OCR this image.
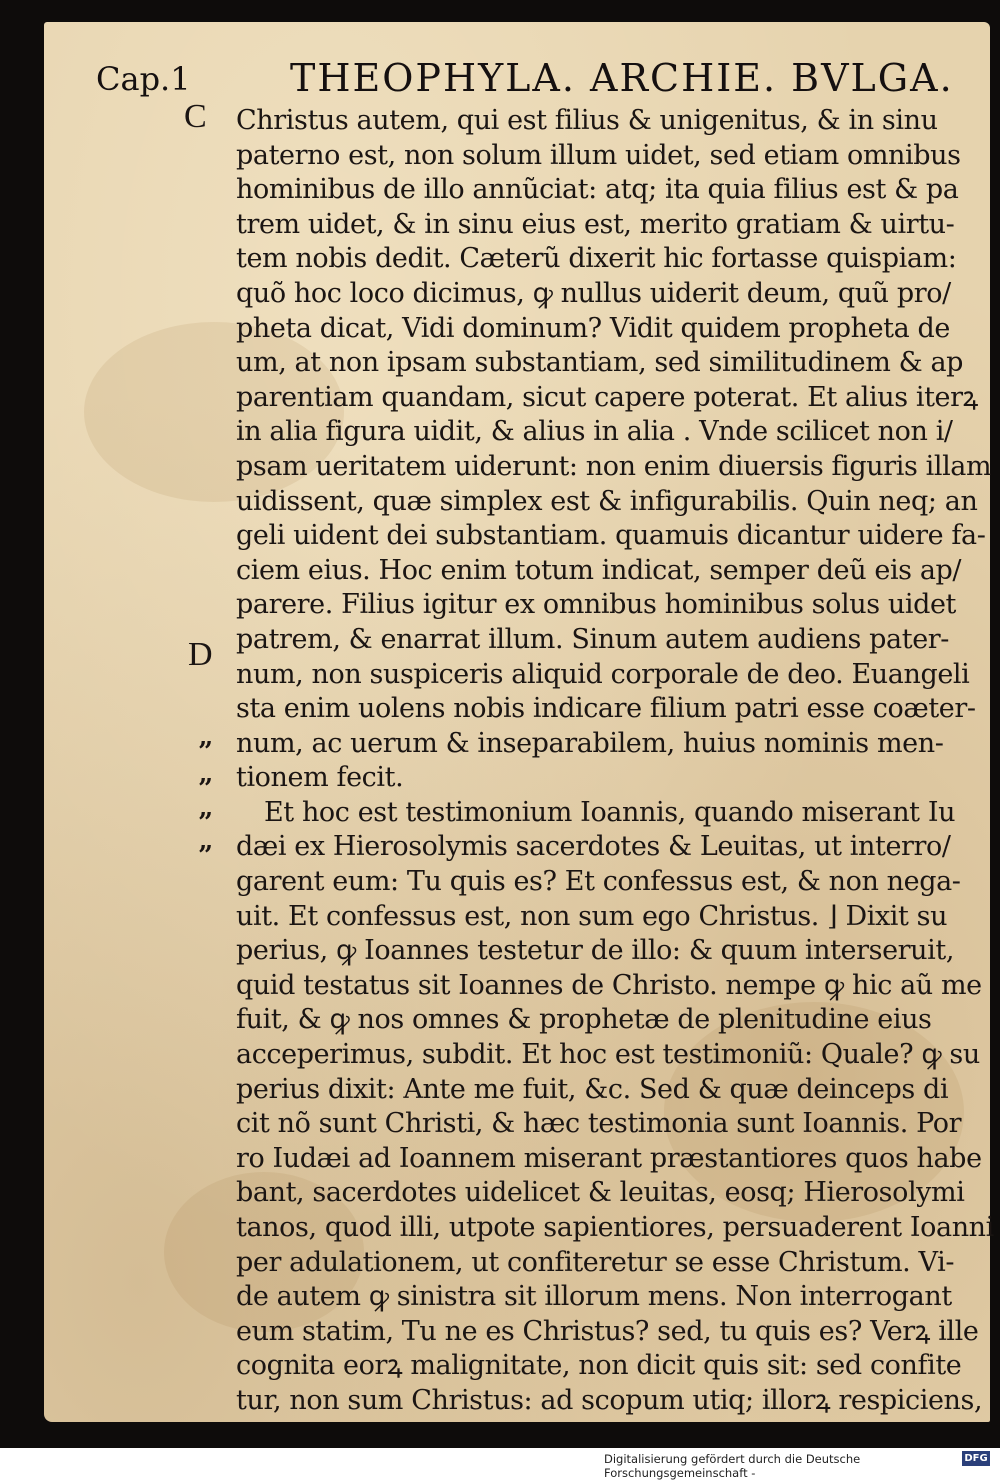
Cap.1	THEOPHYLA. ARCHIE. BVLGA.
C
D
”
”
”
”
Christus autem, qui est filius & unigenitus, & in sinu
paterno est, non solum illum uidet, sed etiam omnibus
hominibus de illo annũciat: atq; ita quia filius est & pa
trem uidet, & in sinu eius est, merito gratiam & uirtu-
tem nobis dedit. Cæterũ dixerit hic fortasse quispiam:
quõ hoc loco dicimus, ꝙ nullus uiderit deum, quũ pro/
pheta dicat, Vidi dominum? Vidit quidem propheta de
um, at non ipsam substantiam, sed similitudinem & ap
parentiam quandam, sicut capere poterat. Et alius iterꝝ
in alia figura uidit, & alius in alia . Vnde scilicet non i/
psam ueritatem uiderunt: non enim diuersis figuris illam
uidissent, quæ simplex est & infigurabilis. Quin neq; an
geli uident dei substantiam. quamuis dicantur uidere fa-
ciem eius. Hoc enim totum indicat, semper deũ eis ap/
parere. Filius igitur ex omnibus hominibus solus uidet
patrem, & enarrat illum. Sinum autem audiens pater-
num, non suspiceris aliquid corporale de deo. Euangeli
sta enim uolens nobis indicare filium patri esse coæter-
num, ac uerum & inseparabilem, huius nominis men-
tionem fecit.
Et hoc est testimonium Ioannis, quando miserant Iu
dæi ex Hierosolymis sacerdotes & Leuitas, ut interro/
garent eum: Tu quis es? Et confessus est, & non nega-
uit. Et confessus est, non sum ego Christus. ⌋ Dixit su
perius, ꝙ Ioannes testetur de illo: & quum interseruit,
quid testatus sit Ioannes de Christo. nempe ꝙ hic aũ me
fuit, & ꝙ nos omnes & prophetæ de plenitudine eius
acceperimus, subdit. Et hoc est testimoniũ: Quale? ꝙ su
perius dixit: Ante me fuit, &c. Sed & quæ deinceps di
cit nõ sunt Christi, & hæc testimonia sunt Ioannis. Por
ro Iudæi ad Ioannem miserant præstantiores quos habe
bant, sacerdotes uidelicet & leuitas, eosq; Hierosolymi
tanos, quod illi, utpote sapientiores, persuaderent Ioanni
per adulationem, ut confiteretur se esse Christum. Vi-
de autem ꝙ sinistra sit illorum mens. Non interrogant
eum statim, Tu ne es Christus? sed, tu quis es? Verꝝ ille
cognita eorꝝ malignitate, non dicit quis sit: sed confite
tur, non sum Christus: ad scopum utiq; illorꝝ respiciens,
Digitalisierung gefördert durch die Deutsche Forschungsgemeinschaft -
DFG
